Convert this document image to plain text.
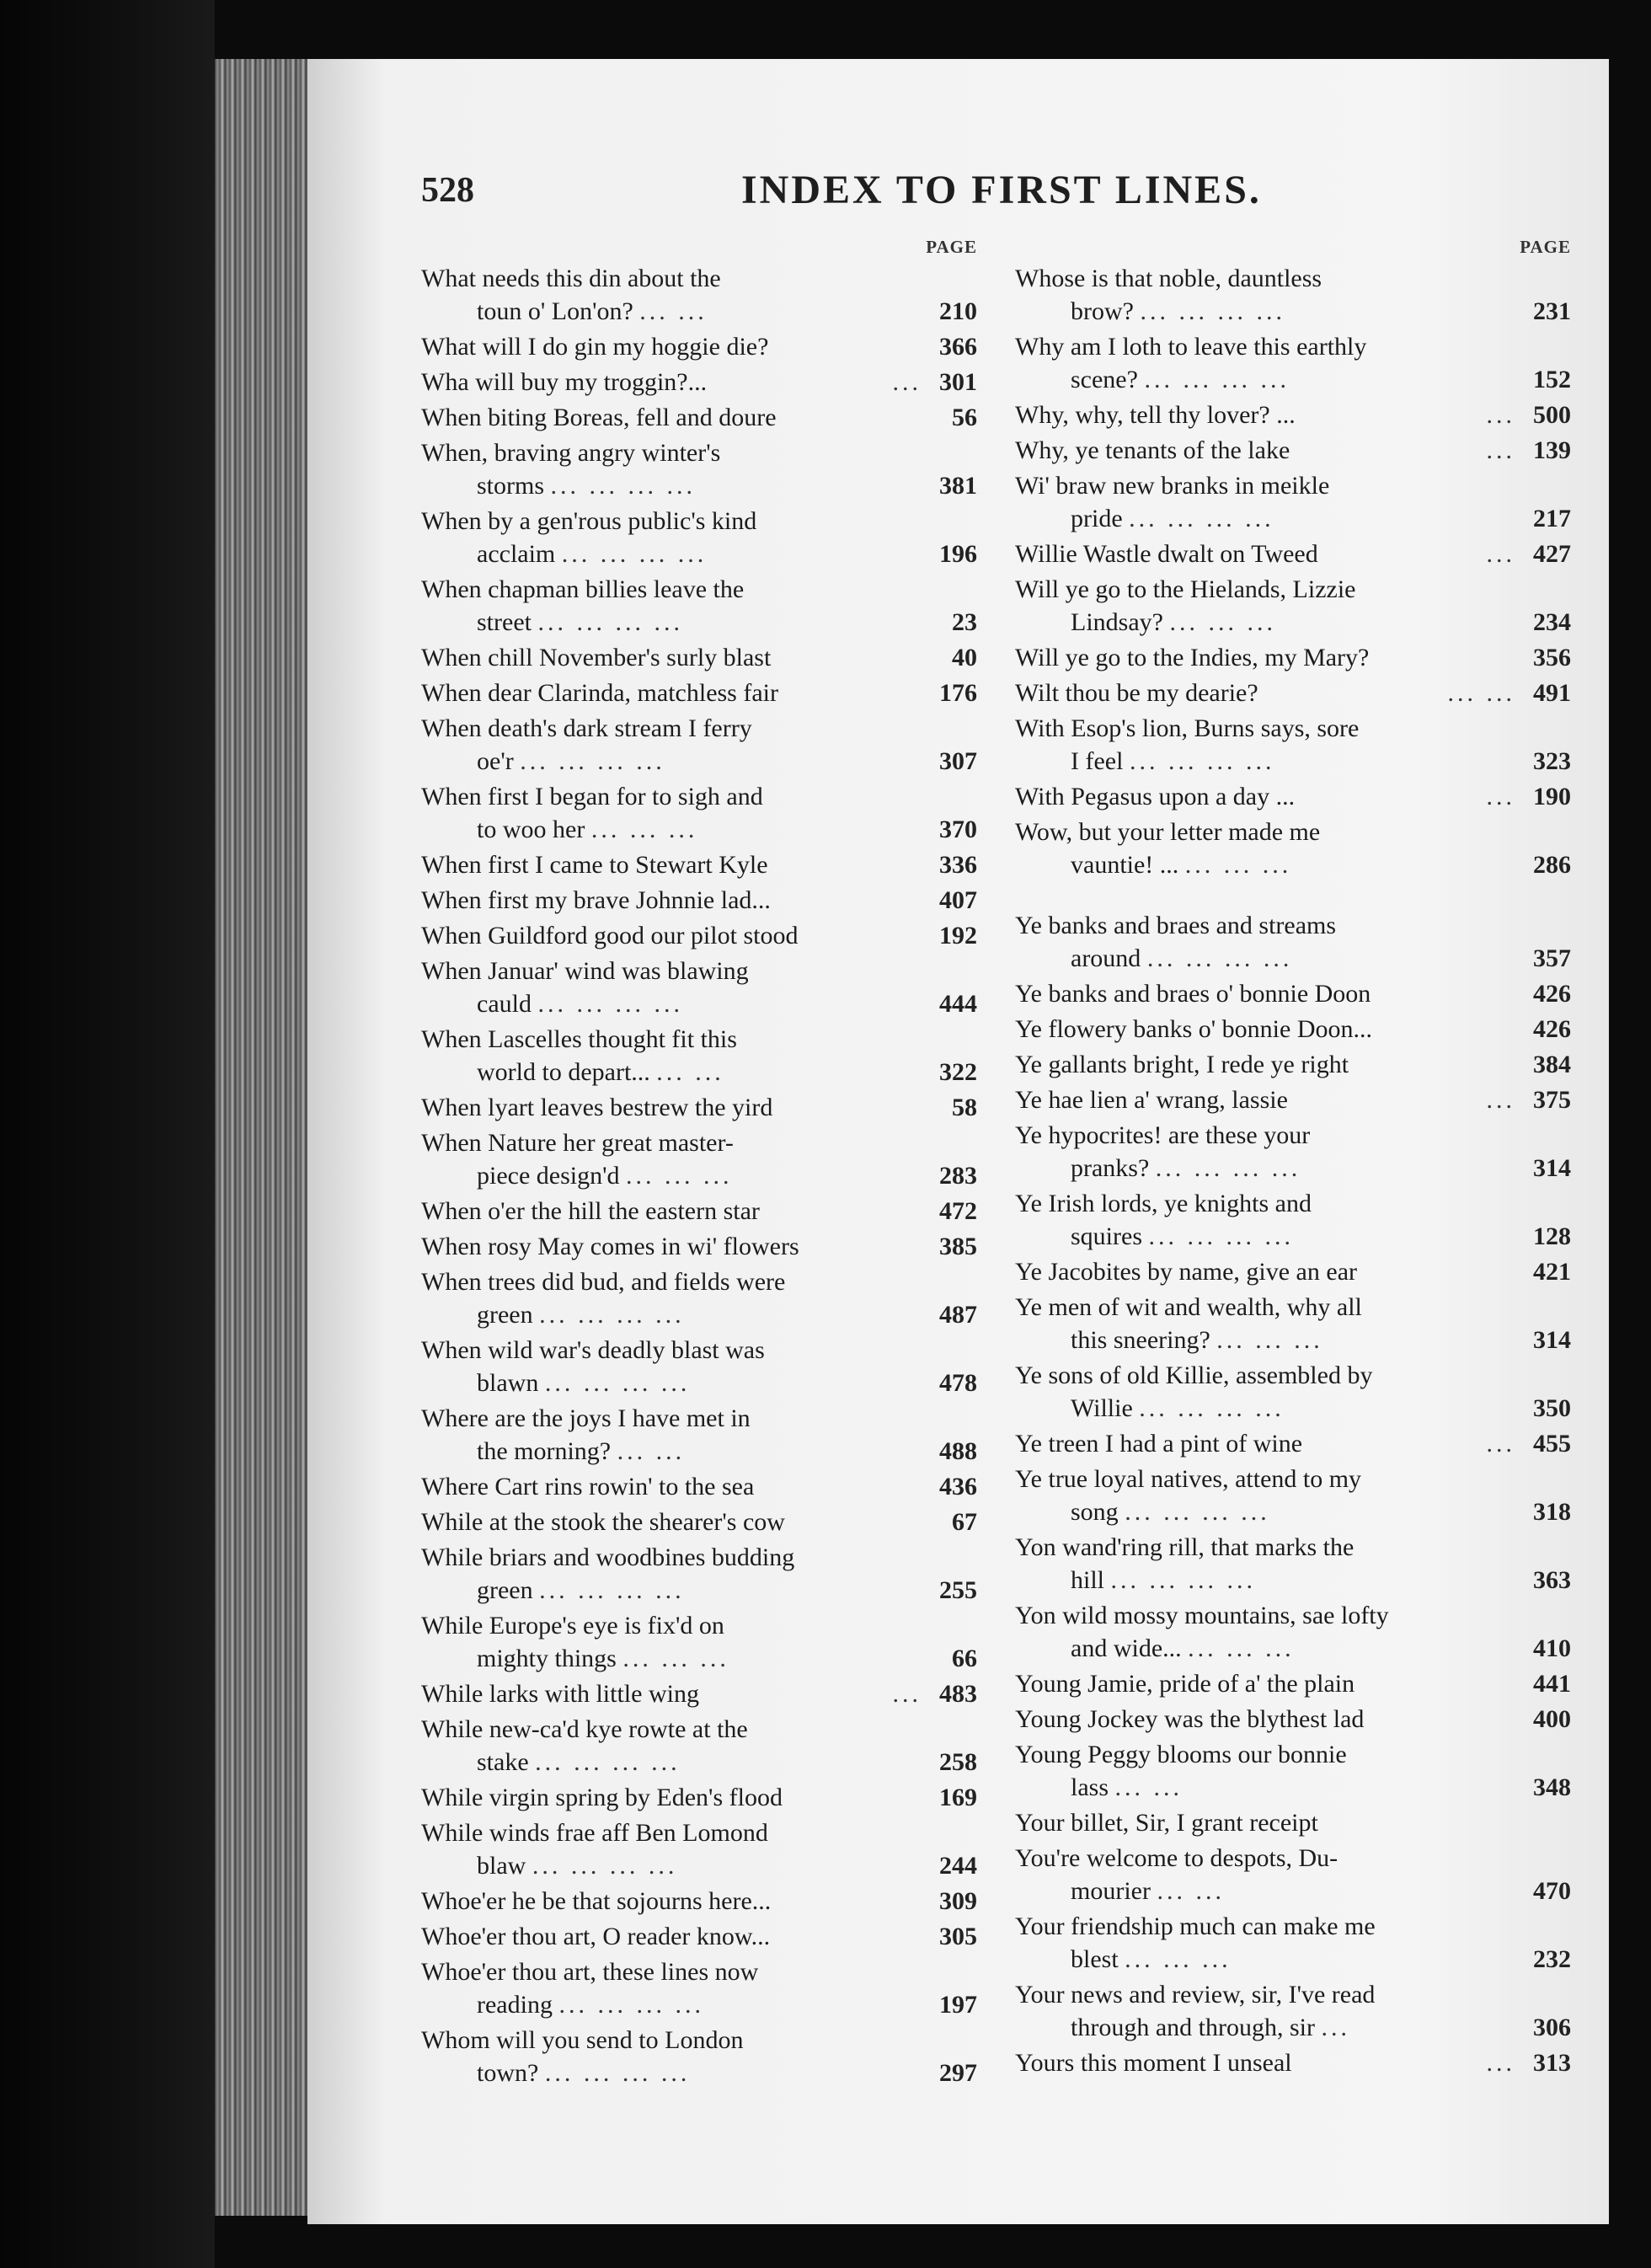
528	INDEX TO FIRST LINES.
PAGE
What needs this din about the
toun o' Lon'on? ... ...	210
What will I do gin my hoggie die?	366
Wha will buy my troggin?...	... 301
When biting Boreas, fell and doure	56
When, braving angry winter's
storms ... ... ... ...	381
When by a gen'rous public's kind
acclaim ... ... ... ...	196
When chapman billies leave the
street ... ... ... ...	23
When chill November's surly blast	40
When dear Clarinda, matchless fair	176
When death's dark stream I ferry
oe'r ... ... ... ...	307
When first I began for to sigh and
to woo her ... ... ...	370
When first I came to Stewart Kyle	336
When first my brave Johnnie lad...	407
When Guildford good our pilot stood	192
When Januar' wind was blawing
cauld ... ... ... ...	444
When Lascelles thought fit this
world to depart... ... ...	322
When lyart leaves bestrew the yird	58
When Nature her great master-
piece design'd ... ... ...	283
When o'er the hill the eastern star	472
When rosy May comes in wi' flowers	385
When trees did bud, and fields were
green ... ... ... ...	487
When wild war's deadly blast was
blawn ... ... ... ...	478
Where are the joys I have met in
the morning? ... ...	488
Where Cart rins rowin' to the sea	436
While at the stook the shearer's cow	67
While briars and woodbines budding
green ... ... ... ...	255
While Europe's eye is fix'd on
mighty things ... ... ...	66
While larks with little wing	... 483
While new-ca'd kye rowte at the
stake ... ... ... ...	258
While virgin spring by Eden's flood	169
While winds frae aff Ben Lomond
blaw ... ... ... ...	244
Whoe'er he be that sojourns here...	309
Whoe'er thou art, O reader know...	305
Whoe'er thou art, these lines now
reading ... ... ... ...	197
Whom will you send to London
town? ... ... ... ...	297
PAGE
Whose is that noble, dauntless
brow? ... ... ... ...	231
Why am I loth to leave this earthly
scene? ... ... ... ...	152
Why, why, tell thy lover? ...	... 500
Why, ye tenants of the lake	... 139
Wi' braw new branks in meikle
pride ... ... ... ...	217
Willie Wastle dwalt on Tweed	... 427
Will ye go to the Hielands, Lizzie
Lindsay? ... ... ...	234
Will ye go to the Indies, my Mary?	356
Wilt thou be my dearie?	... ... 491
With Esop's lion, Burns says, sore
I feel ... ... ... ...	323
With Pegasus upon a day ...	... 190
Wow, but your letter made me
vauntie! ... ... ... ...	286
Ye banks and braes and streams
around ... ... ... ...	357
Ye banks and braes o' bonnie Doon	426
Ye flowery banks o' bonnie Doon...	426
Ye gallants bright, I rede ye right	384
Ye hae lien a' wrang, lassie	... 375
Ye hypocrites! are these your
pranks? ... ... ... ...	314
Ye Irish lords, ye knights and
squires ... ... ... ...	128
Ye Jacobites by name, give an ear	421
Ye men of wit and wealth, why all
this sneering? ... ... ...	314
Ye sons of old Killie, assembled by
Willie ... ... ... ...	350
Ye treen I had a pint of wine	... 455
Ye true loyal natives, attend to my
song ... ... ... ...	318
Yon wand'ring rill, that marks the
hill ... ... ... ...	363
Yon wild mossy mountains, sae lofty
and wide... ... ... ...	410
Young Jamie, pride of a' the plain	441
Young Jockey was the blythest lad	400
Young Peggy blooms our bonnie
lass ... ...	348
Your billet, Sir, I grant receipt
You're welcome to despots, Du-
mourier ... ...	470
Your friendship much can make me
blest ... ... ...	232
Your news and review, sir, I've read
through and through, sir ...	306
Yours this moment I unseal	... 313
